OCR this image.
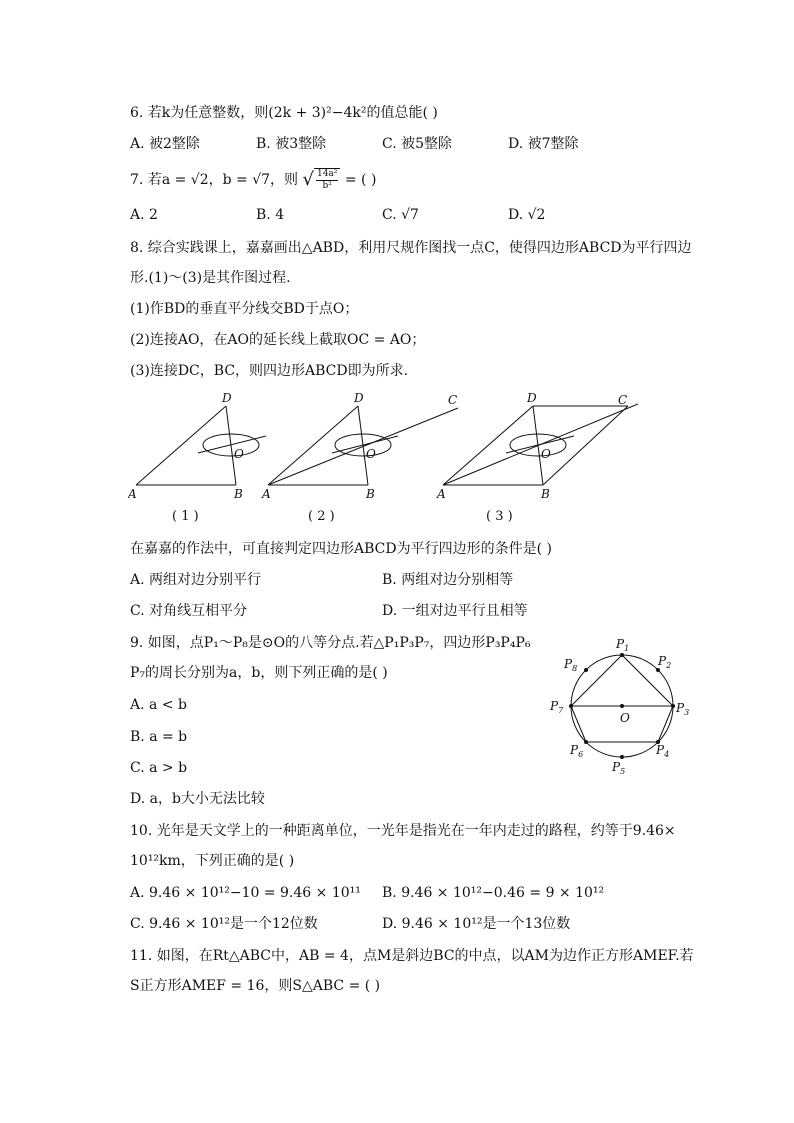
6. 若k为任意整数，则(2k + 3)²−4k²的值总能( )
A. 被2整除	B. 被3整除	C. 被5整除	D. 被7整除
7. 若a = √2，b = √7，则 √ $\frac{\text{14a²}}{\text{b²}}$ = ( )
A. 2	B. 4	C. √7	D. √2
8. 综合实践课上，嘉嘉画出△ABD，利用尺规作图找一点C，使得四边形ABCD为平行四边
形.(1)～(3)是其作图过程.
(1)作BD的垂直平分线交BD于点O；
(2)连接AO，在AO的延长线上截取OC = AO；
(3)连接DC，BC，则四边形ABCD即为所求.
A
D
B
O
A
D
B
O
C
A
D
B
O
C
( 1 )	( 2 )	( 3 )
在嘉嘉的作法中，可直接判定四边形ABCD为平行四边形的条件是( )
A. 两组对边分别平行	B. 两组对边分别相等
C. 对角线互相平分	D. 一组对边平行且相等
9. 如图，点P₁～P₈是⊙O的八等分点.若△P₁P₃P₇，四边形P₃P₄P₆
P₇的周长分别为a，b，则下列正确的是( )
A. a < b
B. a = b
C. a > b
D. a，b大小无法比较
$P_1$
$P_2$
$P_3$
$P_4$
$P_5$
$P_6$
$P_7$
$P_8$
O
10. 光年是天文学上的一种距离单位，一光年是指光在一年内走过的路程，约等于9.46×
10¹²km，下列正确的是( )
A. 9.46 × 10¹²−10 = 9.46 × 10¹¹ B. 9.46 × 10¹²−0.46 = 9 × 10¹²
C. 9.46 × 10¹²是一个12位数	D. 9.46 × 10¹²是一个13位数
11. 如图，在Rt△ABC中，AB = 4，点M是斜边BC的中点，以AM为边作正方形AMEF.若
S正方形AMEF = 16，则S△ABC = ( )
